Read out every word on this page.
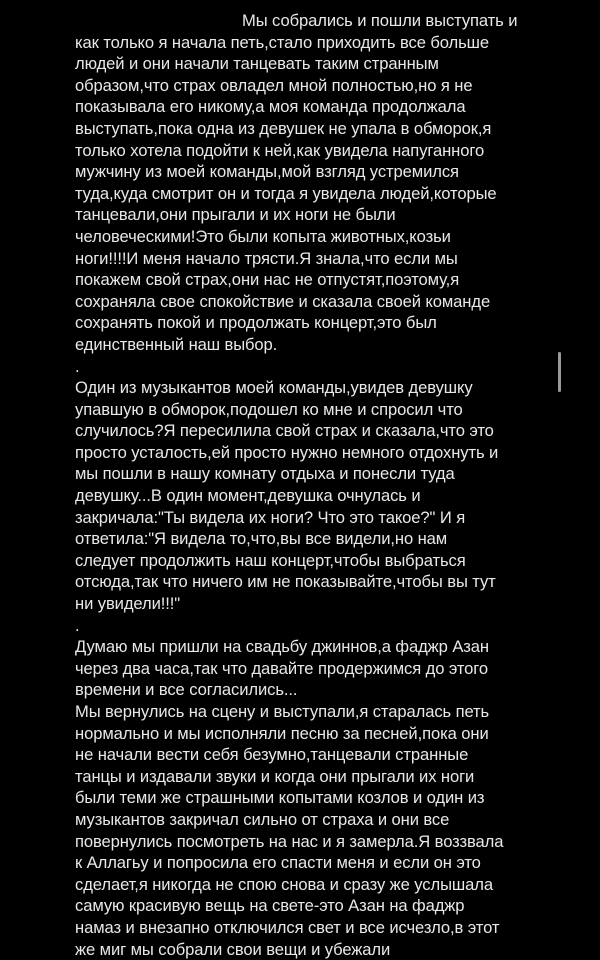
Мы собрались и пошли выступать и
как только я начала петь,стало приходить все больше
людей и они начали танцевать таким странным
образом,что страх овладел мной полностью,но я не
показывала его никому,а моя команда продолжала
выступать,пока одна из девушек не упала в обморок,я
только хотела подойти к ней,как увидела напуганного
мужчину из моей команды,мой взгляд устремился
туда,куда смотрит он и тогда я увидела людей,которые
танцевали,они прыгали и их ноги не были
человеческими!Это были копыта животных,козьи
ноги!!!!И меня начало трясти.Я знала,что если мы
покажем свой страх,они нас не отпустят,поэтому,я
сохраняла свое спокойствие и сказала своей команде
сохранять покой и продолжать концерт,это был
единственный наш выбор.
.
Один из музыкантов моей команды,увидев девушку
упавшую в обморок,подошел ко мне и спросил что
случилось?Я пересилила свой страх и сказала,что это
просто усталость,ей просто нужно немного отдохнуть и
мы пошли в нашу комнату отдыха и понесли туда
девушку...В один момент,девушка очнулась и
закричала:"Ты видела их ноги? Что это такое?" И я
ответила:"Я видела то,что,вы все видели,но нам
следует продолжить наш концерт,чтобы выбраться
отсюда,так что ничего им не показывайте,чтобы вы тут
ни увидели!!!"
.
Думаю мы пришли на свадьбу джиннов,а фаджр Азан
через два часа,так что давайте продержимся до этого
времени и все согласились...
Мы вернулись на сцену и выступали,я старалась петь
нормально и мы исполняли песню за песней,пока они
не начали вести себя безумно,танцевали странные
танцы и издавали звуки и когда они прыгали их ноги
были теми же страшными копытами козлов и один из
музыкантов закричал сильно от страха и они все
повернулись посмотреть на нас и я замерла.Я воззвала
к Аллагьу и попросила его спасти меня и если он это
сделает,я никогда не спою снова и сразу же услышала
самую красивую вещь на свете-это Азан на фаджр
намаз и внезапно отключился свет и все исчезло,в этот
же миг мы собрали свои вещи и убежали
